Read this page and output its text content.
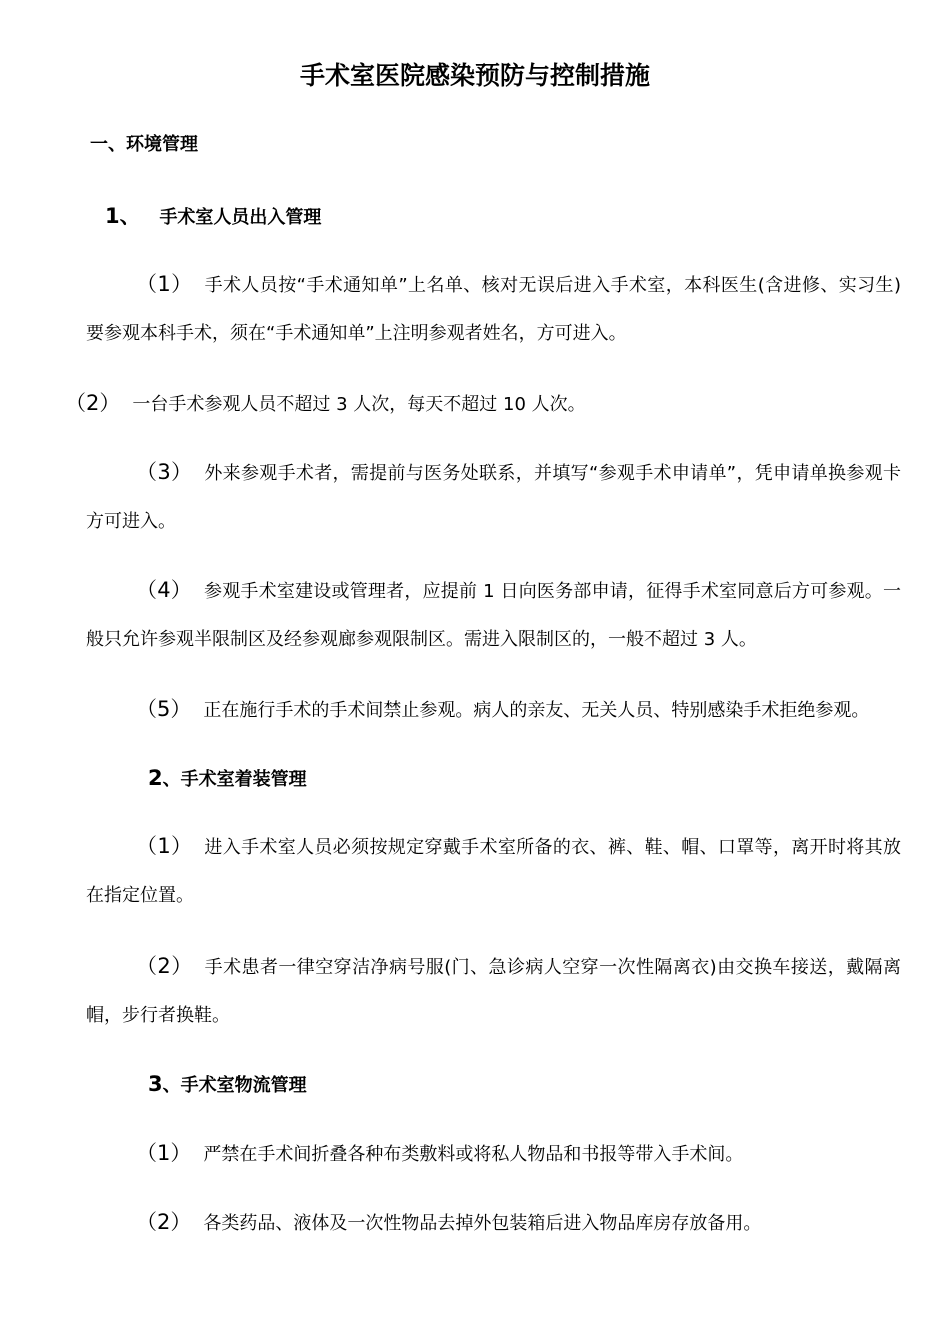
手术室医院感染预防与控制措施
一、环境管理
1、 手术室人员出入管理
（1） 手术人员按“手术通知单”上名单、核对无误后进入手术室，本科医生(含进修、实习生)要参观本科手术，须在“手术通知单”上注明参观者姓名，方可进入。
（2） 一台手术参观人员不超过 3 人次，每天不超过 10 人次。
（3） 外来参观手术者，需提前与医务处联系，并填写“参观手术申请单”，凭申请单换参观卡方可进入。
（4） 参观手术室建设或管理者，应提前 1 日向医务部申请，征得手术室同意后方可参观。一般只允许参观半限制区及经参观廊参观限制区。需进入限制区的，一般不超过 3 人。
（5） 正在施行手术的手术间禁止参观。病人的亲友、无关人员、特别感染手术拒绝参观。
2、手术室着装管理
（1） 进入手术室人员必须按规定穿戴手术室所备的衣、裤、鞋、帽、口罩等，离开时将其放在指定位置。
（2） 手术患者一律空穿洁净病号服(门、急诊病人空穿一次性隔离衣)由交换车接送，戴隔离帽，步行者换鞋。
3、手术室物流管理
（1） 严禁在手术间折叠各种布类敷料或将私人物品和书报等带入手术间。
（2） 各类药品、液体及一次性物品去掉外包装箱后进入物品库房存放备用。
